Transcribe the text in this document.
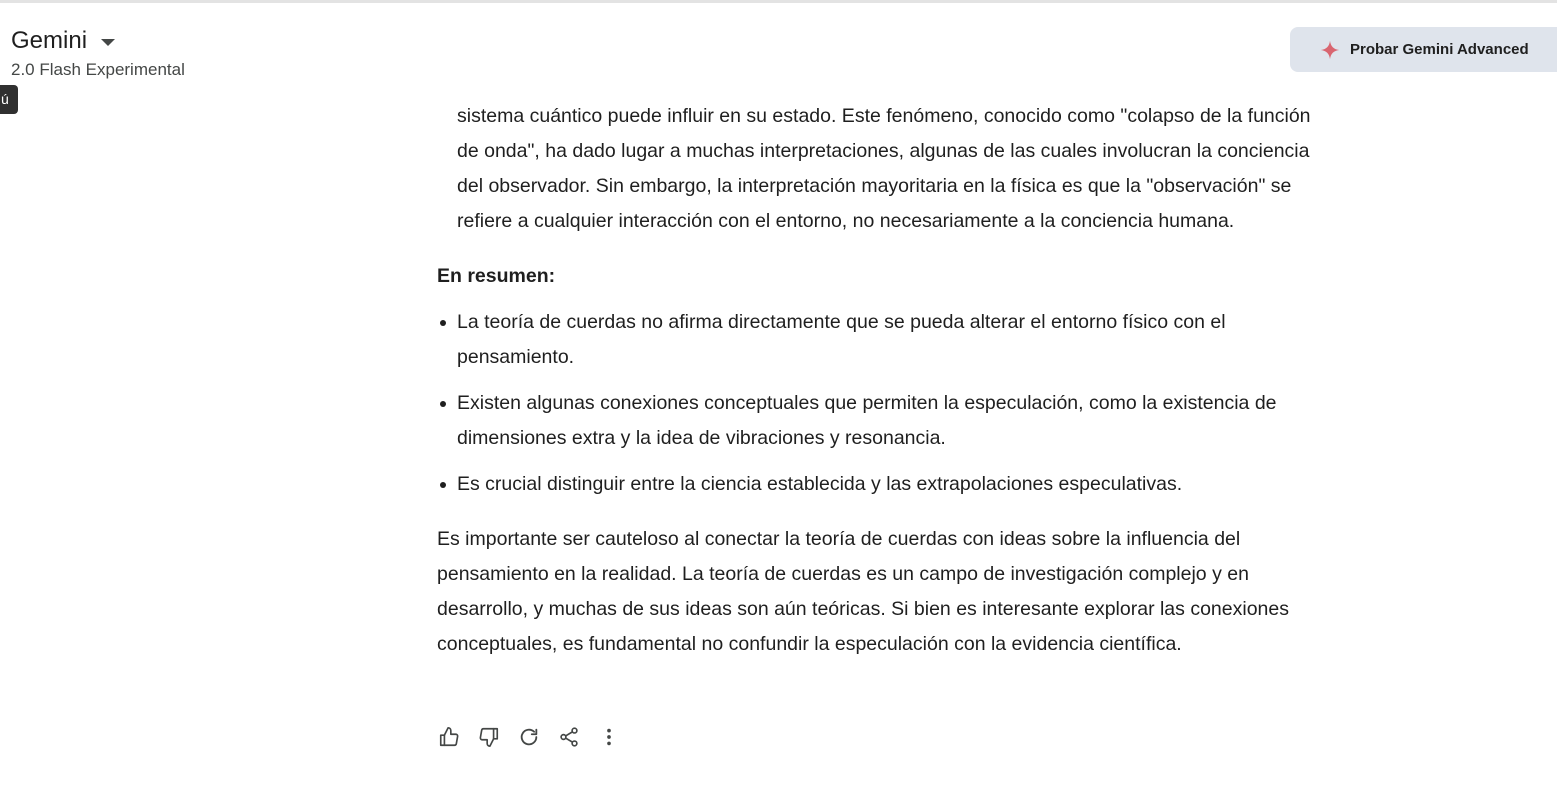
Gemini
2.0 Flash Experimental
ú
Probar Gemini Advanced

sistema cuántico puede influir en su estado. Este fenómeno, conocido como "colapso de la función de onda", ha dado lugar a muchas interpretaciones, algunas de las cuales involucran la conciencia del observador. Sin embargo, la interpretación mayoritaria en la física es que la "observación" se refiere a cualquier interacción con el entorno, no necesariamente a la conciencia humana.

En resumen:

La teoría de cuerdas no afirma directamente que se pueda alterar el entorno físico con el pensamiento.
Existen algunas conexiones conceptuales que permiten la especulación, como la existencia de dimensiones extra y la idea de vibraciones y resonancia.
Es crucial distinguir entre la ciencia establecida y las extrapolaciones especulativas.

Es importante ser cauteloso al conectar la teoría de cuerdas con ideas sobre la influencia del pensamiento en la realidad. La teoría de cuerdas es un campo de investigación complejo y en desarrollo, y muchas de sus ideas son aún teóricas. Si bien es interesante explorar las conexiones conceptuales, es fundamental no confundir la especulación con la evidencia científica.
